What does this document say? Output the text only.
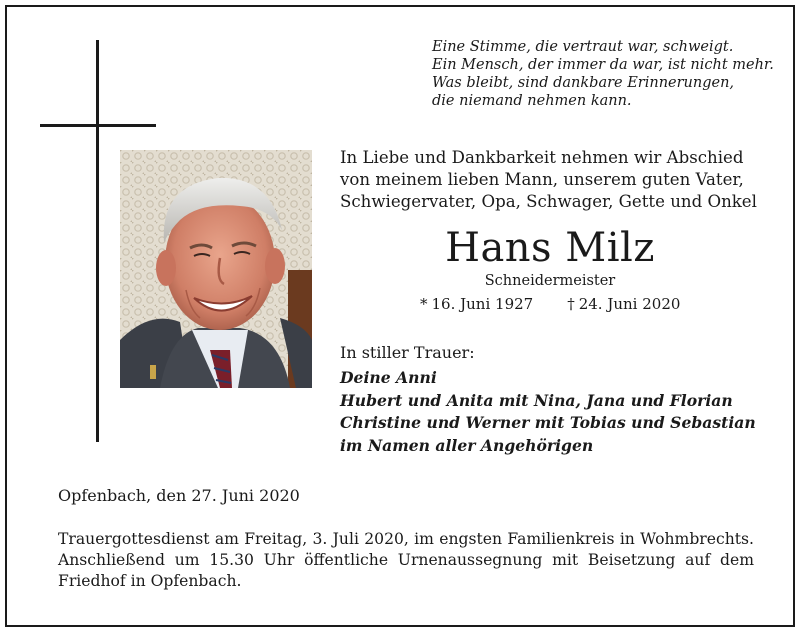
Eine Stimme, die vertraut war, schweigt.
Ein Mensch, der immer da war, ist nicht mehr.
Was bleibt, sind dankbare Erinnerungen,
die niemand nehmen kann.
In Liebe und Dankbarkeit nehmen wir Abschied
von meinem lieben Mann, unserem guten Vater,
Schwiegervater, Opa, Schwager, Gette und Onkel
Hans Milz
Schneidermeister
* 16. Juni 1927 † 24. Juni 2020
In stiller Trauer:
Deine Anni
Hubert und Anita mit Nina, Jana und Florian
Christine und Werner mit Tobias und Sebastian
im Namen aller Angehörigen
Opfenbach, den 27. Juni 2020
Trauergottesdienst am Freitag, 3. Juli 2020, im engsten Familienkreis in Wohmbrechts. Anschließend um 15.30 Uhr öffentliche Urnenaussegnung mit Beisetzung auf dem Friedhof in Opfenbach.
